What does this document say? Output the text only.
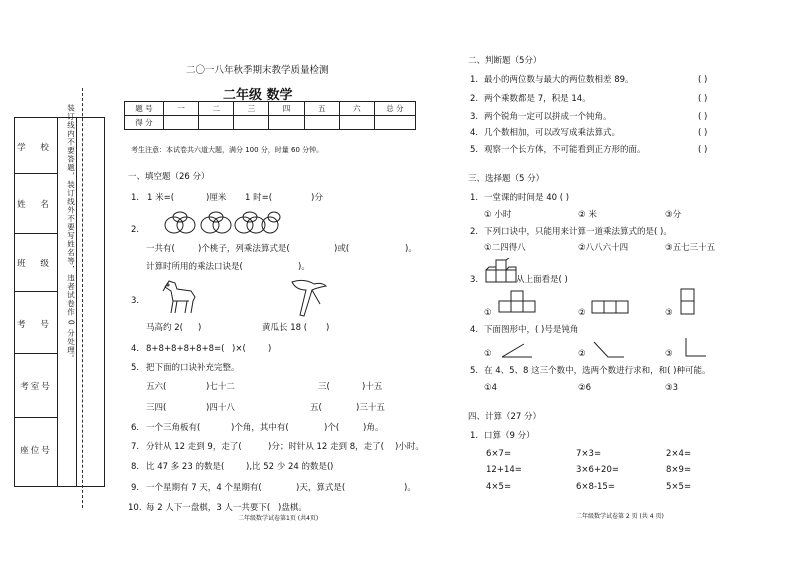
学 校
姓 名
班 级
考 号
考室号
座位号
装订线内不要答题，装订线外不要写姓名等，违者试卷作 0 分处理。
二〇一八年秋季期末教学质量检测
二年级 数学
题 号	一	二	三	四	五	六	总 分
得 分							
考生注意：本试卷共六道大题，满分 100 分，时量 60 分钟。
一、填空题（26 分）
1. 1 米=(	)厘米 1 时=(	)分
2.
一共有(	)个桃子，列乘法算式是(	)或(	)。
计算时所用的乘法口诀是(	)。
3.
马高约 2( )	黄瓜长 18 ( )
4. 8+8+8+8+8+8=( )×(	)
5. 把下面的口诀补充完整。
五六(	)七十二	三(	)十五
三四(	)四十八	五(	)三十五
6. 一个三角板有(	)个角，其中有(	)个(	)角。
7. 分针从 12 走到 9，走了(	)分；时针从 12 走到 8，走了( )小时。
8. 比 47 多 23 的数是(	),比 52 少 24 的数是( )
9. 一个星期有 7 天，4 个星期有(	)天，算式是(	)。
10. 每 2 人下一盘棋，3 人一共要下( )盘棋。
二年级数学试卷第1页 (共4页)
二、判断题（5分）
1. 最小的两位数与最大的两位数相差 89。	( )
2. 两个乘数都是 7，积是 14。	( )
3. 两个锐角一定可以拼成一个钝角。	( )
4. 几个数相加，可以改写成乘法算式。	( )
5. 观察一个长方体，不可能看到正方形的面。	( )
三、选择题（5 分）
1. 一堂课的时间是 40 ( )
① 小时	② 米	③分
2. 下列口诀中，只能用来计算一道乘法算式的是( )。
①二四得八	②八八六十四	③五七三十五
3.	从上面看是( )
①	②	③
4. 下面图形中，( )号是钝角
①	②	③
5. 在 4、5、8 这三个数中，选两个数进行求和，和( )种可能。
①4	②6	③3
四、计算（27 分）
1. 口算（9 分）
6×7=	7×3=	2×4=
12+14=	3×6+20=	8×9=
4×5=	6×8-15=	5×5=
二年级数学试卷第 2 页 (共 4 页)
